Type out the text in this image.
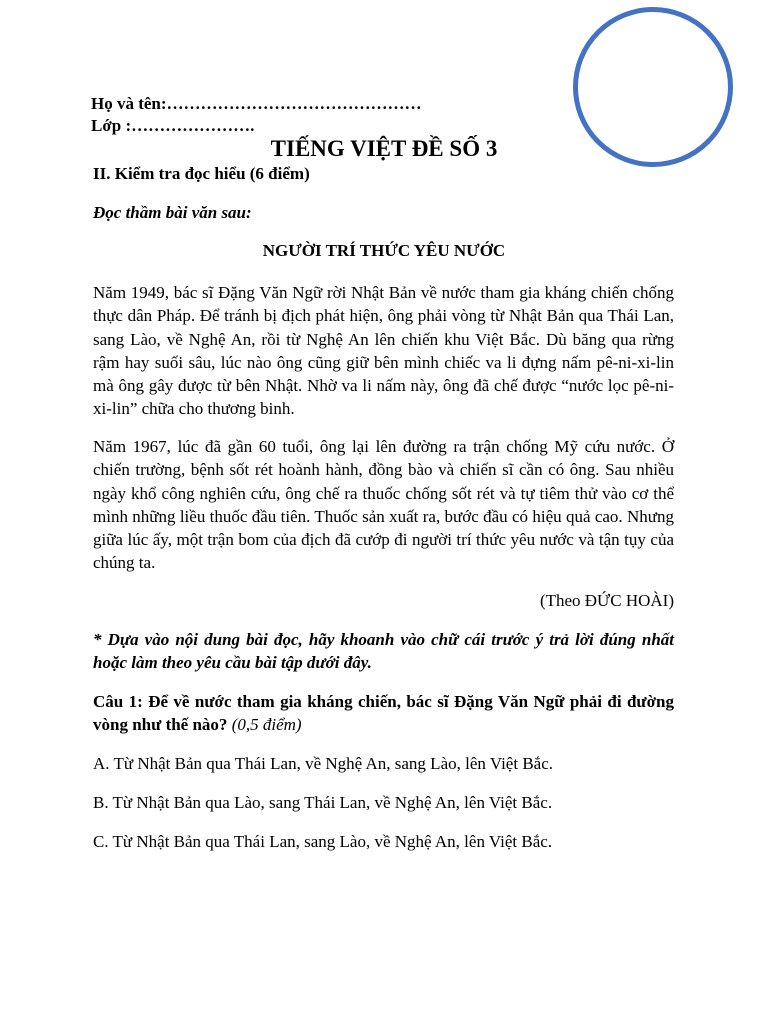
Họ và tên:………………………………………
Lớp :………………….
TIẾNG VIỆT ĐỀ SỐ 3
II. Kiểm tra đọc hiểu (6 điểm)
Đọc thầm bài văn sau:
NGƯỜI TRÍ THỨC YÊU NƯỚC
Năm 1949, bác sĩ Đặng Văn Ngữ rời Nhật Bản về nước tham gia kháng chiến chống thực dân Pháp. Để tránh bị địch phát hiện, ông phải vòng từ Nhật Bản qua Thái Lan, sang Lào, về Nghệ An, rồi từ Nghệ An lên chiến khu Việt Bắc. Dù băng qua rừng rậm hay suối sâu, lúc nào ông cũng giữ bên mình chiếc va li đựng nấm pê-ni-xi-lin mà ông gây được từ bên Nhật. Nhờ va li nấm này, ông đã chế được “nước lọc pê-ni-xi-lin” chữa cho thương binh.
Năm 1967, lúc đã gần 60 tuổi, ông lại lên đường ra trận chống Mỹ cứu nước. Ở chiến trường, bệnh sốt rét hoành hành, đồng bào và chiến sĩ cần có ông. Sau nhiều ngày khổ công nghiên cứu, ông chế ra thuốc chống sốt rét và tự tiêm thử vào cơ thể mình những liều thuốc đầu tiên. Thuốc sản xuất ra, bước đầu có hiệu quả cao. Nhưng giữa lúc ấy, một trận bom của địch đã cướp đi người trí thức yêu nước và tận tụy của chúng ta.
(Theo ĐỨC HOÀI)
* Dựa vào nội dung bài đọc, hãy khoanh vào chữ cái trước ý trả lời đúng nhất hoặc làm theo yêu cầu bài tập dưới đây.
Câu 1: Để về nước tham gia kháng chiến, bác sĩ Đặng Văn Ngữ phải đi đường vòng như thế nào? (0,5 điểm)
A. Từ Nhật Bản qua Thái Lan, về Nghệ An, sang Lào, lên Việt Bắc.
B. Từ Nhật Bản qua Lào, sang Thái Lan, về Nghệ An, lên Việt Bắc.
C. Từ Nhật Bản qua Thái Lan, sang Lào, về Nghệ An, lên Việt Bắc.
